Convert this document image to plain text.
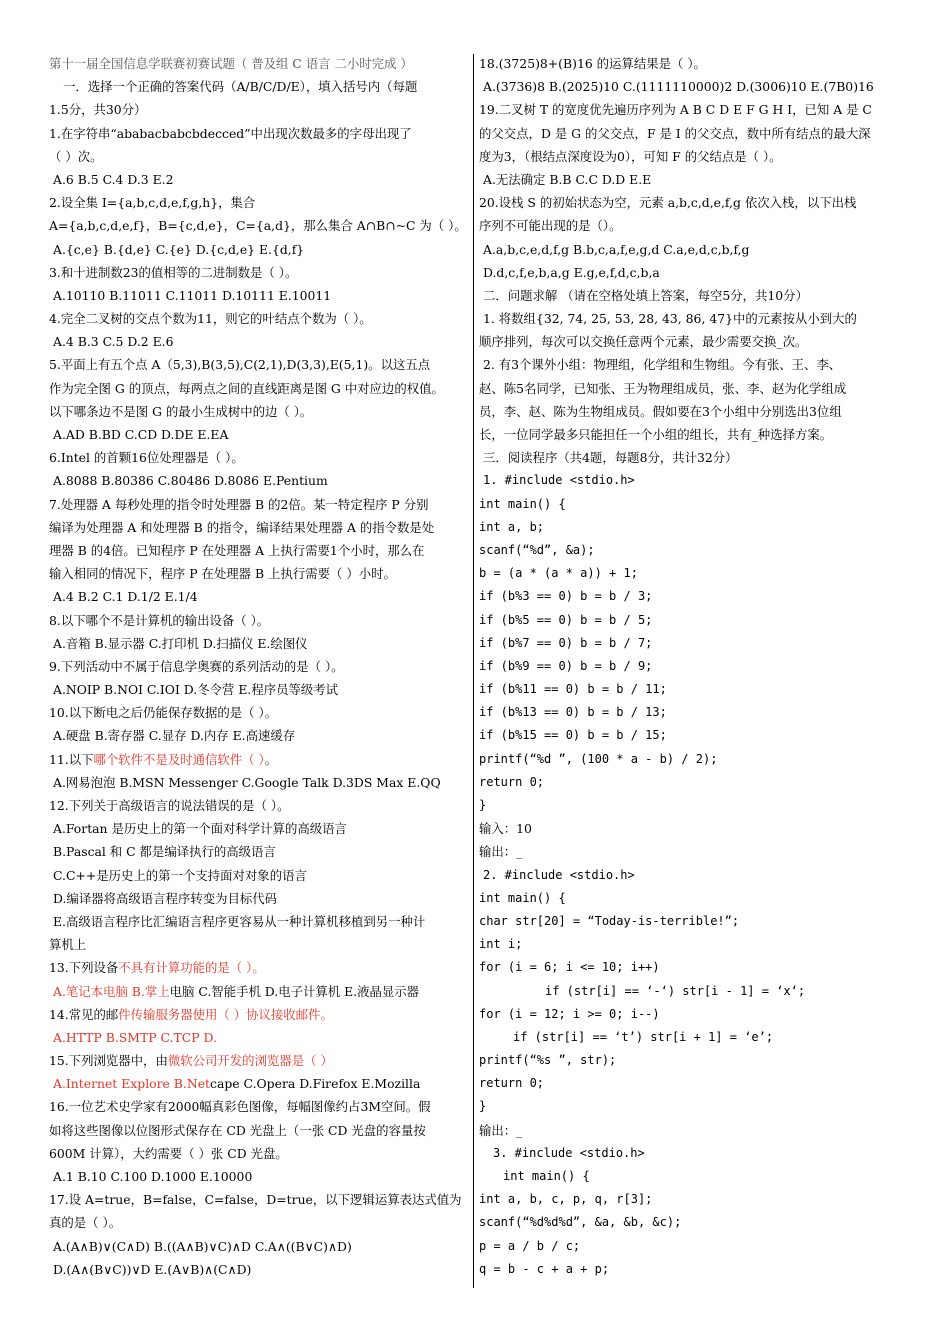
第十一届全国信息学联赛初赛试题（ 普及组 C 语言 二小时完成 ）
一．选择一个正确的答案代码（A/B/C/D/E），填入括号内（每题
1.5分，共30分）
1.在字符串“ababacbabcbdecced”中出现次数最多的字母出现了
（ ）次。
A.6 B.5 C.4 D.3 E.2
2.设全集 I={a,b,c,d,e,f,g,h}，集合
A={a,b,c,d,e,f}，B={c,d,e}，C={a,d}，那么集合 A∩B∩~C 为（ ）。
A.{c,e} B.{d,e} C.{e} D.{c,d,e} E.{d,f}
3.和十进制数23的值相等的二进制数是（ ）。
A.10110 B.11011 C.11011 D.10111 E.10011
4.完全二叉树的交点个数为11，则它的叶结点个数为（ ）。
A.4 B.3 C.5 D.2 E.6
5.平面上有五个点 A（5,3),B(3,5),C(2,1),D(3,3),E(5,1)。以这五点
作为完全图 G 的顶点，每两点之间的直线距离是图 G 中对应边的权值。
以下哪条边不是图 G 的最小生成树中的边（ ）。
A.AD B.BD C.CD D.DE E.EA
6.Intel 的首颗16位处理器是（ ）。
A.8088 B.80386 C.80486 D.8086 E.Pentium
7.处理器 A 每秒处理的指令时处理器 B 的2倍。某一特定程序 P 分别
编译为处理器 A 和处理器 B 的指令，编译结果处理器 A 的指令数是处
理器 B 的4倍。已知程序 P 在处理器 A 上执行需要1个小时，那么在
输入相同的情况下，程序 P 在处理器 B 上执行需要（ ）小时。
A.4 B.2 C.1 D.1/2 E.1/4
8.以下哪个不是计算机的输出设备（ ）。
A.音箱 B.显示器 C.打印机 D.扫描仪 E.绘图仪
9.下列活动中不属于信息学奥赛的系列活动的是（ ）。
A.NOIP B.NOI C.IOI D.冬令营 E.程序员等级考试
10.以下断电之后仍能保存数据的是（ ）。
A.硬盘 B.寄存器 C.显存 D.内存 E.高速缓存
11.以下哪个软件不是及时通信软件（ ）。
A.网易泡泡 B.MSN Messenger C.Google Talk D.3DS Max E.QQ
12.下列关于高级语言的说法错误的是（ ）。
A.Fortan 是历史上的第一个面对科学计算的高级语言
B.Pascal 和 C 都是编译执行的高级语言
C.C++是历史上的第一个支持面对对象的语言
D.编译器将高级语言程序转变为目标代码
E.高级语言程序比汇编语言程序更容易从一种计算机移植到另一种计
算机上
13.下列设备不具有计算功能的是（ ）。
A.笔记本电脑 B.掌上电脑 C.智能手机 D.电子计算机 E.液晶显示器
14.常见的邮件传输服务器使用（ ）协议接收邮件。
A.HTTP B.SMTP C.TCP D.
15.下列浏览器中，由微软公司开发的浏览器是（ ）
A.Internet Explore B.Netcape C.Opera D.Firefox E.Mozilla
16.一位艺术史学家有2000幅真彩色图像，每幅图像约占3M空间。假
如将这些图像以位图形式保存在 CD 光盘上（一张 CD 光盘的容量按
600M 计算），大约需要（ ）张 CD 光盘。
A.1 B.10 C.100 D.1000 E.10000
17.设 A=true，B=false，C=false，D=true，以下逻辑运算表达式值为
真的是（ ）。
A.(A∧B)∨(C∧D) B.((A∧B)∨C)∧D C.A∧((B∨C)∧D)
D.(A∧(B∨C))∨D E.(A∨B)∧(C∧D)
18.(3725)8+(B)16 的运算结果是（ ）。
A.(3736)8 B.(2025)10 C.(1111110000)2 D.(3006)10 E.(7B0)16
19.二叉树 T 的宽度优先遍历序列为 A B C D E F G H I，已知 A 是 C
的父交点，D 是 G 的父交点，F 是 I 的父交点，数中所有结点的最大深
度为3，（根结点深度设为0），可知 F 的父结点是（ ）。
A.无法确定 B.B C.C D.D E.E
20.设栈 S 的初始状态为空，元素 a,b,c,d,e,f,g 依次入栈，以下出栈
序列不可能出现的是（）。
A.a,b,c,e,d,f,g B.b,c,a,f,e,g,d C.a,e,d,c,b,f,g
D.d,c,f,e,b,a,g E.g,e,f,d,c,b,a
二．问题求解 （请在空格处填上答案，每空5分，共10分）
1. 将数组{32, 74, 25, 53, 28, 43, 86, 47}中的元素按从小到大的
顺序排列，每次可以交换任意两个元素，最少需要交换_次。
2. 有3个课外小组：物理组，化学组和生物组。今有张、王、李、
赵、陈5名同学，已知张、王为物理组成员，张、李、赵为化学组成
员，李、赵、陈为生物组成员。假如要在3个小组中分别选出3位组
长，一位同学最多只能担任一个小组的组长，共有_种选择方案。
三．阅读程序（共4题，每题8分，共计32分）
1. #include <stdio.h>
int main() {
int a, b;
scanf(“%d”, &a);
b = (a * (a * a)) + 1;
if (b%3 == 0) b = b / 3;
if (b%5 == 0) b = b / 5;
if (b%7 == 0) b = b / 7;
if (b%9 == 0) b = b / 9;
if (b%11 == 0) b = b / 11;
if (b%13 == 0) b = b / 13;
if (b%15 == 0) b = b / 15;
printf(“%d ”, (100 * a - b) / 2);
return 0;
}
输入：10
输出：_
2. #include <stdio.h>
int main() {
char str[20] = “Today-is-terrible!”;
int i;
for (i = 6; i <= 10; i++)
if (str[i] == ‘-‘) str[i - 1] = ‘x‘;
for (i = 12; i >= 0; i--)
if (str[i] == ‘t’) str[i + 1] = ‘e’;
printf(“%s ”, str);
return 0;
}
输出：_
3. #include <stdio.h>
int main() {
int a, b, c, p, q, r[3];
scanf(“%d%d%d”, &a, &b, &c);
p = a / b / c;
q = b - c + a + p;
